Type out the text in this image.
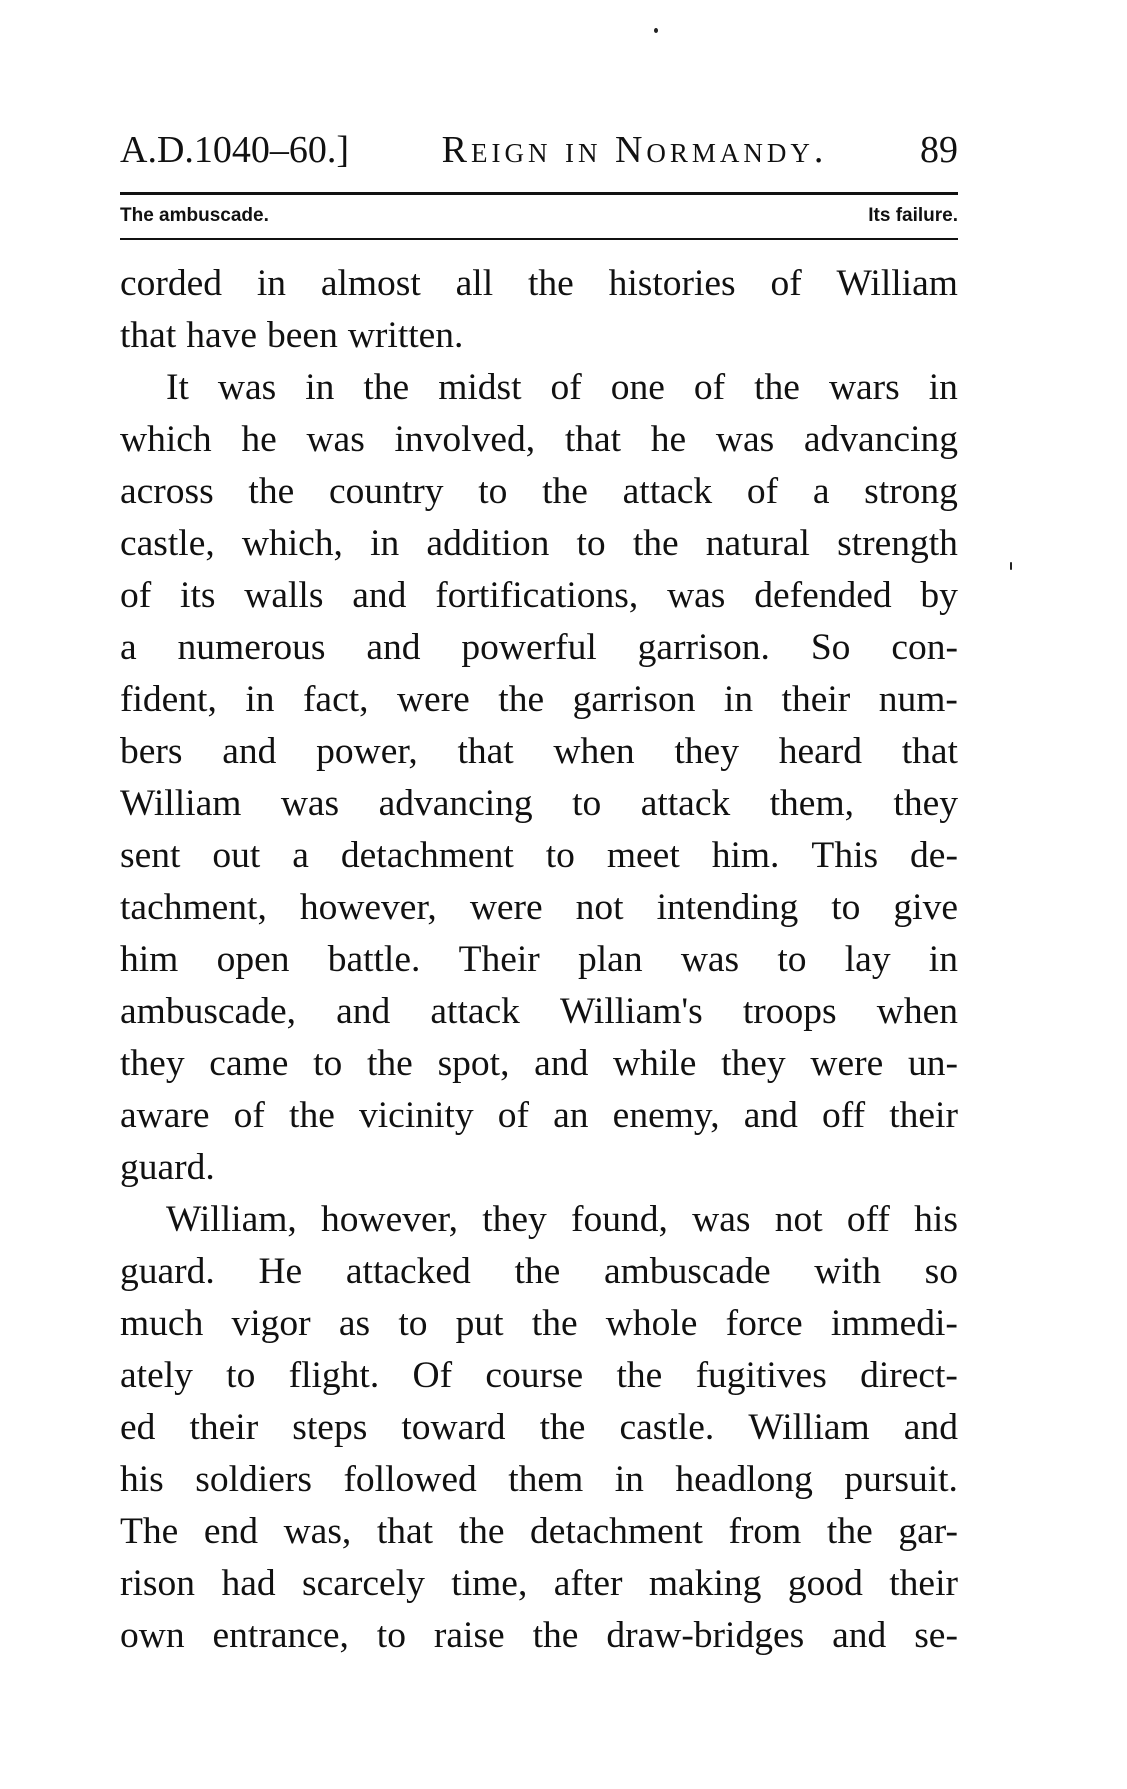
A.D.1040–60.] Reign in Normandy. 89
The ambuscade.	Its failure.
corded in almost all the histories of William
that have been written.
It was in the midst of one of the wars in
which he was involved, that he was advancing
across the country to the attack of a strong
castle, which, in addition to the natural strength
of its walls and fortifications, was defended by
a numerous and powerful garrison. So con-
fident, in fact, were the garrison in their num-
bers and power, that when they heard that
William was advancing to attack them, they
sent out a detachment to meet him. This de-
tachment, however, were not intending to give
him open battle. Their plan was to lay in
ambuscade, and attack William's troops when
they came to the spot, and while they were un-
aware of the vicinity of an enemy, and off their
guard.
William, however, they found, was not off his
guard. He attacked the ambuscade with so
much vigor as to put the whole force immedi-
ately to flight. Of course the fugitives direct-
ed their steps toward the castle. William and
his soldiers followed them in headlong pursuit.
The end was, that the detachment from the gar-
rison had scarcely time, after making good their
own entrance, to raise the draw-bridges and se-
